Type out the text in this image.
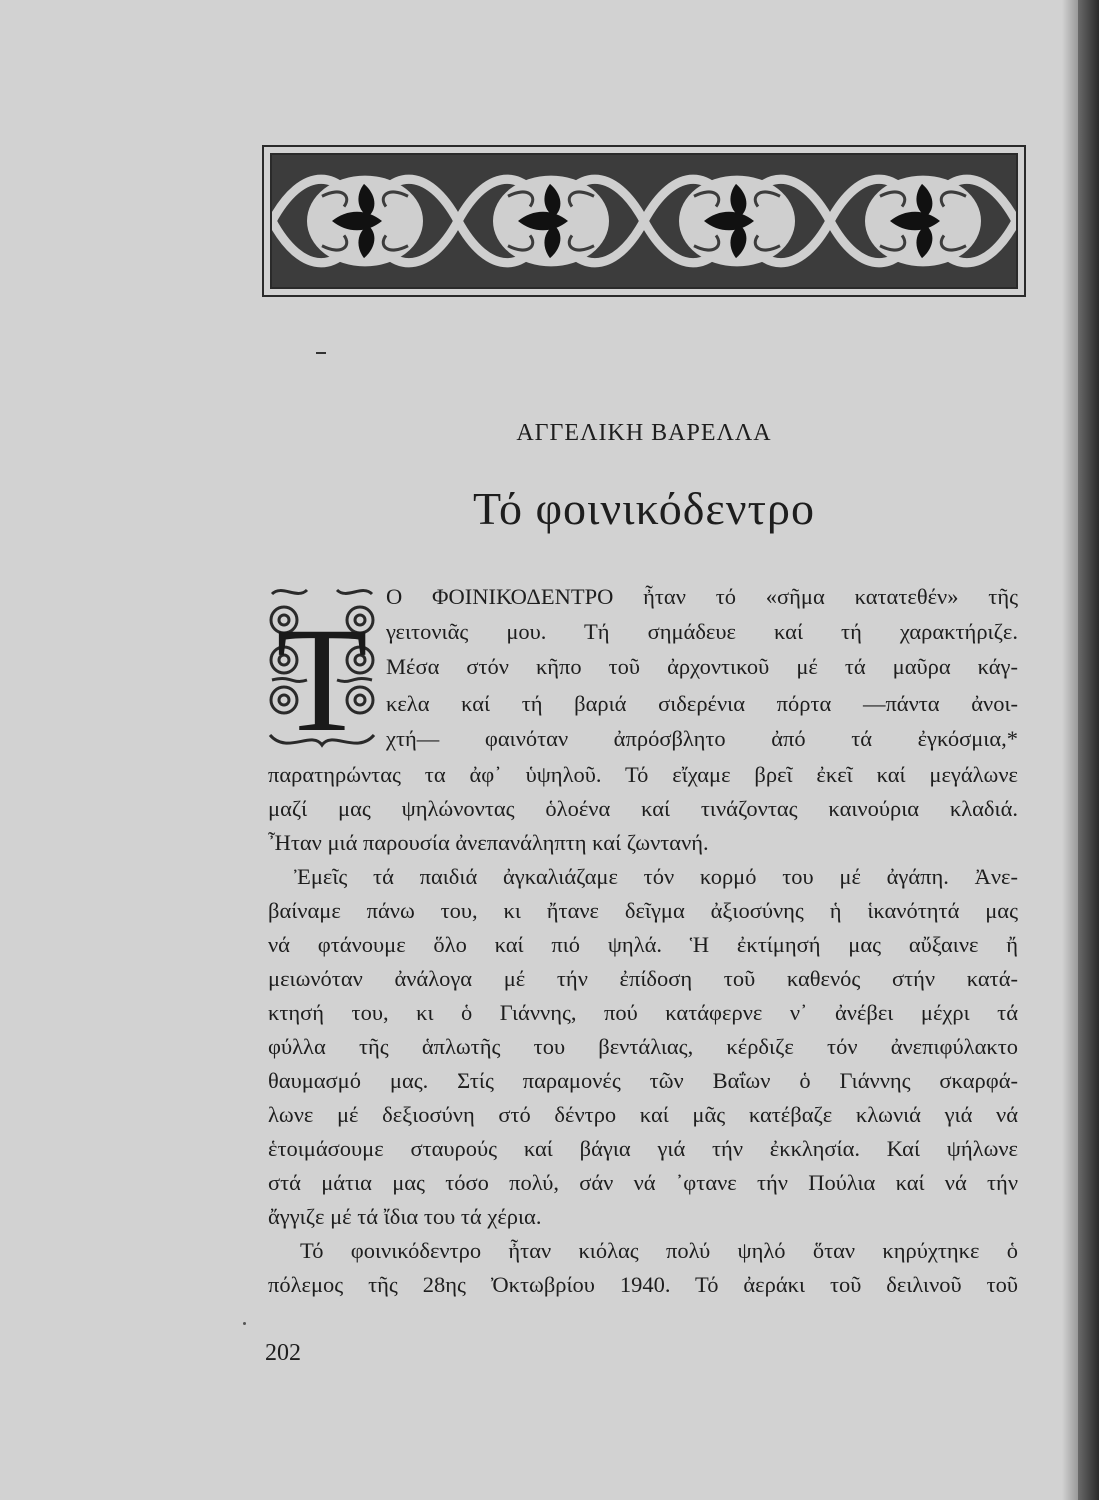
ΑΓΓΕΛΙΚΗ ΒΑΡΕΛΛΑ
Τό φοινικόδεντρο
Τ
Ο ΦΟΙΝΙΚΟΔΕΝΤΡΟ ἦταν τό «σῆμα κατατεθέν» τῆς
γειτονιᾶς μου. Τή σημάδευε καί τή χαρακτήριζε.
Μέσα στόν κῆπο τοῦ ἀρχοντικοῦ μέ τά μαῦρα κάγ-
κελα καί τή βαριά σιδερένια πόρτα —πάντα ἀνοι-
χτή— φαινόταν ἀπρόσβλητο ἀπό τά ἐγκόσμια,*
παρατηρώντας τα ἀφ᾽ ὑψηλοῦ. Τό εἴχαμε βρεῖ ἐκεῖ καί μεγάλωνε
μαζί μας ψηλώνοντας ὁλοένα καί τινάζοντας καινούρια κλαδιά.
Ἦταν μιά παρουσία ἀνεπανάληπτη καί ζωντανή.
Ἐμεῖς τά παιδιά ἀγκαλιάζαμε τόν κορμό του μέ ἀγάπη. Ἀνε-
βαίναμε πάνω του, κι ἤτανε δεῖγμα ἀξιοσύνης ἡ ἱκανότητά μας
νά φτάνουμε ὅλο καί πιό ψηλά. Ἡ ἐκτίμησή μας αὔξαινε ἤ
μειωνόταν ἀνάλογα μέ τήν ἐπίδοση τοῦ καθενός στήν κατά-
κτησή του, κι ὁ Γιάννης, πού κατάφερνε ν᾽ ἀνέβει μέχρι τά
φύλλα τῆς ἁπλωτῆς του βεντάλιας, κέρδιζε τόν ἀνεπιφύλακτο
θαυμασμό μας. Στίς παραμονές τῶν Βαΐων ὁ Γιάννης σκαρφά-
λωνε μέ δεξιοσύνη στό δέντρο καί μᾶς κατέβαζε κλωνιά γιά νά
ἑτοιμάσουμε σταυρούς καί βάγια γιά τήν ἐκκλησία. Καί ψήλωνε
στά μάτια μας τόσο πολύ, σάν νά ᾽φτανε τήν Πούλια καί νά τήν
ἄγγιζε μέ τά ἴδια του τά χέρια.
Τό φοινικόδεντρο ἦταν κιόλας πολύ ψηλό ὅταν κηρύχτηκε ὁ
πόλεμος τῆς 28ης Ὀκτωβρίου 1940. Τό ἀεράκι τοῦ δειλινοῦ τοῦ
202
